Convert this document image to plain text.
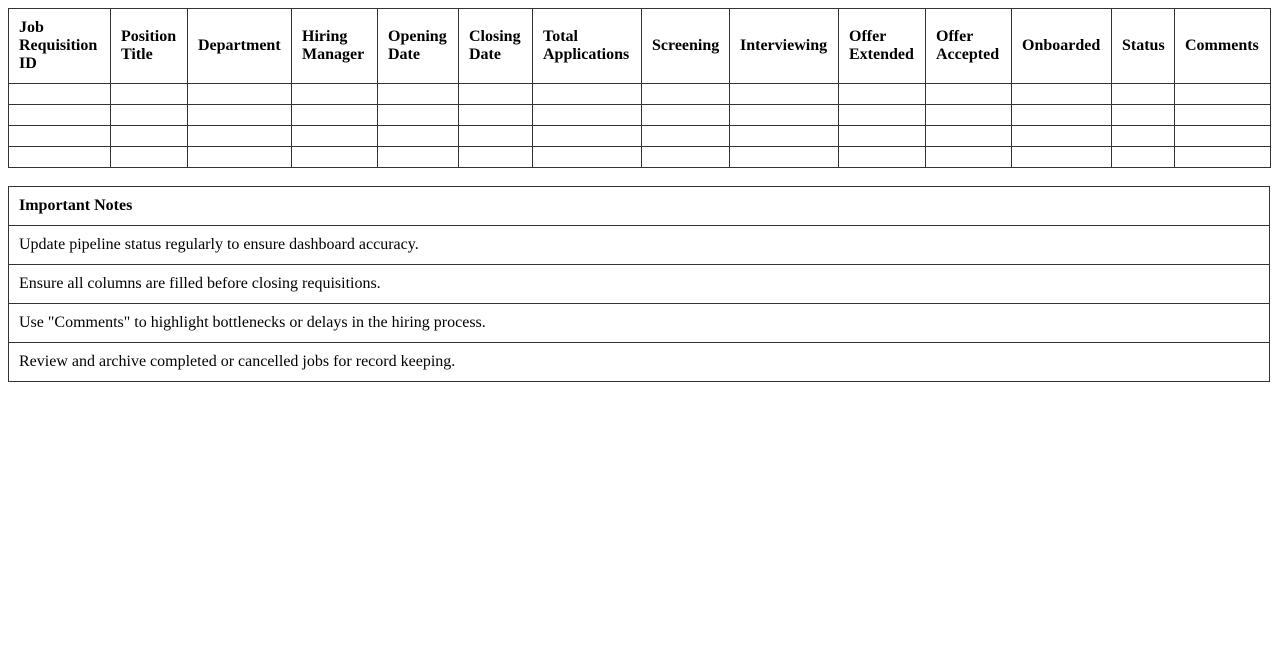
Job Requisition ID	Position Title	Department	Hiring Manager	Opening Date	Closing Date	Total Applications	Screening	Interviewing	Offer Extended	Offer Accepted	Onboarded	Status	Comments

Important Notes
Update pipeline status regularly to ensure dashboard accuracy.
Ensure all columns are filled before closing requisitions.
Use "Comments" to highlight bottlenecks or delays in the hiring process.
Review and archive completed or cancelled jobs for record keeping.
